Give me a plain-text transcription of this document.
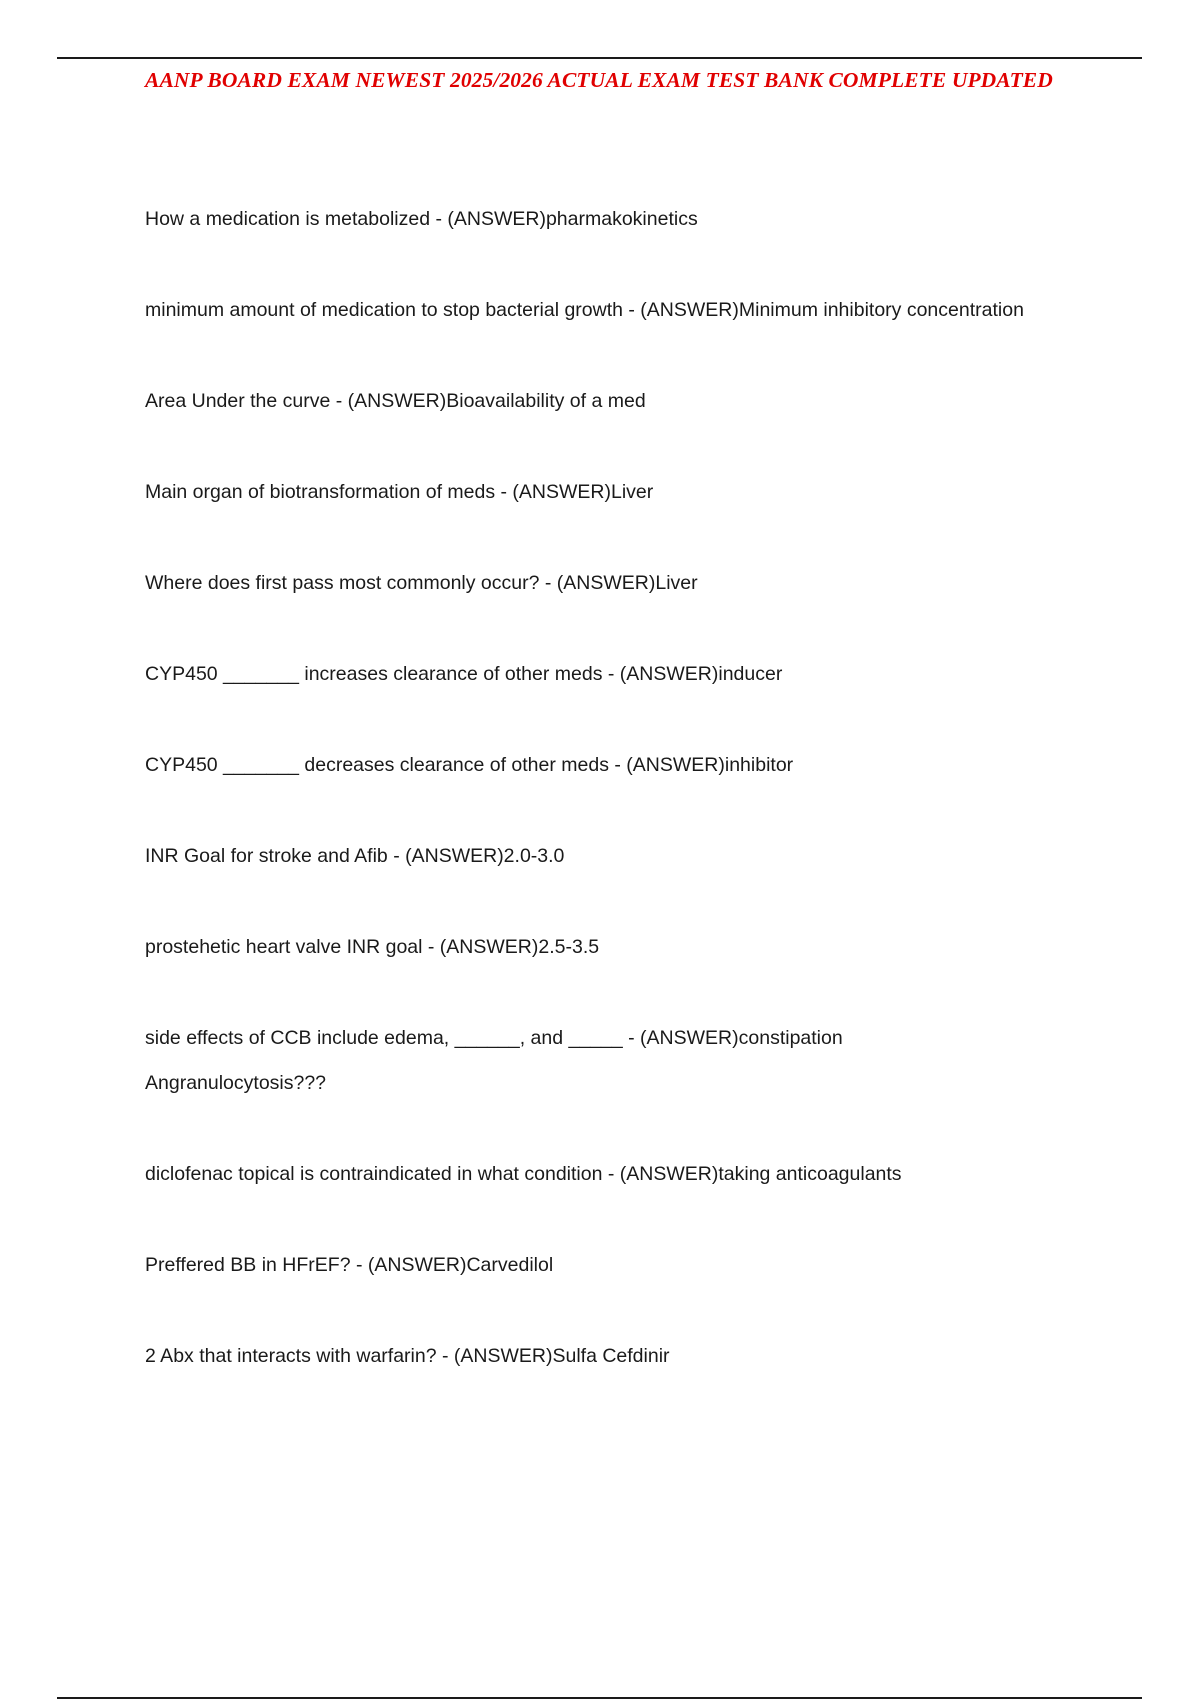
AANP BOARD EXAM NEWEST 2025/2026 ACTUAL EXAM TEST BANK COMPLETE UPDATED
How a medication is metabolized - (ANSWER)pharmakokinetics
minimum amount of medication to stop bacterial growth - (ANSWER)Minimum inhibitory concentration
Area Under the curve - (ANSWER)Bioavailability of a med
Main organ of biotransformation of meds - (ANSWER)Liver
Where does first pass most commonly occur? - (ANSWER)Liver
CYP450 _______ increases clearance of other meds - (ANSWER)inducer
CYP450 _______ decreases clearance of other meds - (ANSWER)inhibitor
INR Goal for stroke and Afib - (ANSWER)2.0-3.0
prostehetic heart valve INR goal - (ANSWER)2.5-3.5
side effects of CCB include edema, ______, and _____ - (ANSWER)constipation
Angranulocytosis???
diclofenac topical is contraindicated in what condition - (ANSWER)taking anticoagulants
Preffered BB in HFrEF? - (ANSWER)Carvedilol
2 Abx that interacts with warfarin? - (ANSWER)Sulfa Cefdinir
